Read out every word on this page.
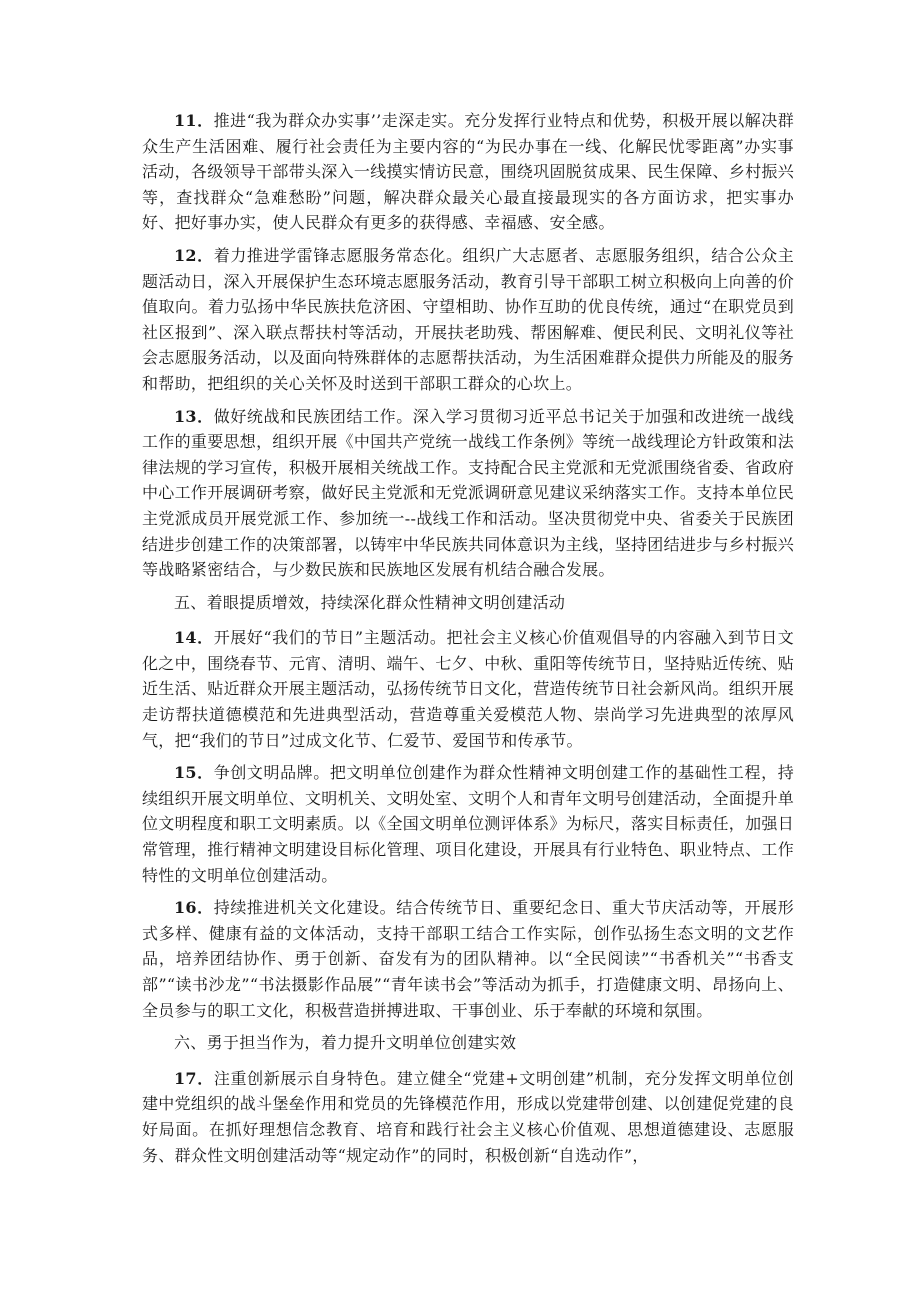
11．推进“我为群众办实事’’走深走实。充分发挥行业特点和优势，积极开展以解决群众生产生活困难、履行社会责任为主要内容的“为民办事在一线、化解民忧零距离”办实事活动，各级领导干部带头深入一线摸实情访民意，围绕巩固脱贫成果、民生保障、乡村振兴等，查找群众“急难愁盼”问题，解决群众最关心最直接最现实的各方面访求，把实事办好、把好事办实，使人民群众有更多的获得感、幸福感、安全感。

12．着力推进学雷锋志愿服务常态化。组织广大志愿者、志愿服务组织，结合公众主题活动日，深入开展保护生态环境志愿服务活动，教育引导干部职工树立积极向上向善的价值取向。着力弘扬中华民族扶危济困、守望相助、协作互助的优良传统，通过“在职党员到社区报到”、深入联点帮扶村等活动，开展扶老助残、帮困解难、便民利民、文明礼仪等社会志愿服务活动，以及面向特殊群体的志愿帮扶活动，为生活困难群众提供力所能及的服务和帮助，把组织的关心关怀及时送到干部职工群众的心坎上。

13．做好统战和民族团结工作。深入学习贯彻习近平总书记关于加强和改进统一战线工作的重要思想，组织开展《中国共产党统一战线工作条例》等统一战线理论方针政策和法律法规的学习宣传，积极开展相关统战工作。支持配合民主党派和无党派围绕省委、省政府中心工作开展调研考察，做好民主党派和无党派调研意见建议采纳落实工作。支持本单位民主党派成员开展党派工作、参加统一--战线工作和活动。坚决贯彻党中央、省委关于民族团结进步创建工作的决策部署，以铸牢中华民族共同体意识为主线，坚持团结进步与乡村振兴等战略紧密结合，与少数民族和民族地区发展有机结合融合发展。

五、着眼提质增效，持续深化群众性精神文明创建活动

14．开展好“我们的节日”主题活动。把社会主义核心价值观倡导的内容融入到节日文化之中，围绕春节、元宵、清明、端午、七夕、中秋、重阳等传统节日，坚持贴近传统、贴近生活、贴近群众开展主题活动，弘扬传统节日文化，营造传统节日社会新风尚。组织开展走访帮扶道德模范和先进典型活动，营造尊重关爱模范人物、崇尚学习先进典型的浓厚风气，把“我们的节日”过成文化节、仁爱节、爱国节和传承节。

15．争创文明品牌。把文明单位创建作为群众性精神文明创建工作的基础性工程，持续组织开展文明单位、文明机关、文明处室、文明个人和青年文明号创建活动，全面提升单位文明程度和职工文明素质。以《全国文明单位测评体系》为标尺，落实目标责任，加强日常管理，推行精神文明建设目标化管理、项目化建设，开展具有行业特色、职业特点、工作特性的文明单位创建活动。

16．持续推进机关文化建设。结合传统节日、重要纪念日、重大节庆活动等，开展形式多样、健康有益的文体活动，支持干部职工结合工作实际，创作弘扬生态文明的文艺作品，培养团结协作、勇于创新、奋发有为的团队精神。以“全民阅读”“书香机关”“书香支部”“读书沙龙”“书法摄影作品展”“青年读书会”等活动为抓手，打造健康文明、昂扬向上、全员参与的职工文化，积极营造拼搏进取、干事创业、乐于奉献的环境和氛围。

六、勇于担当作为，着力提升文明单位创建实效

17．注重创新展示自身特色。建立健全“党建+文明创建”机制，充分发挥文明单位创建中党组织的战斗堡垒作用和党员的先锋模范作用，形成以党建带创建、以创建促党建的良好局面。在抓好理想信念教育、培育和践行社会主义核心价值观、思想道德建设、志愿服务、群众性文明创建活动等“规定动作”的同时，积极创新“自选动作”，
